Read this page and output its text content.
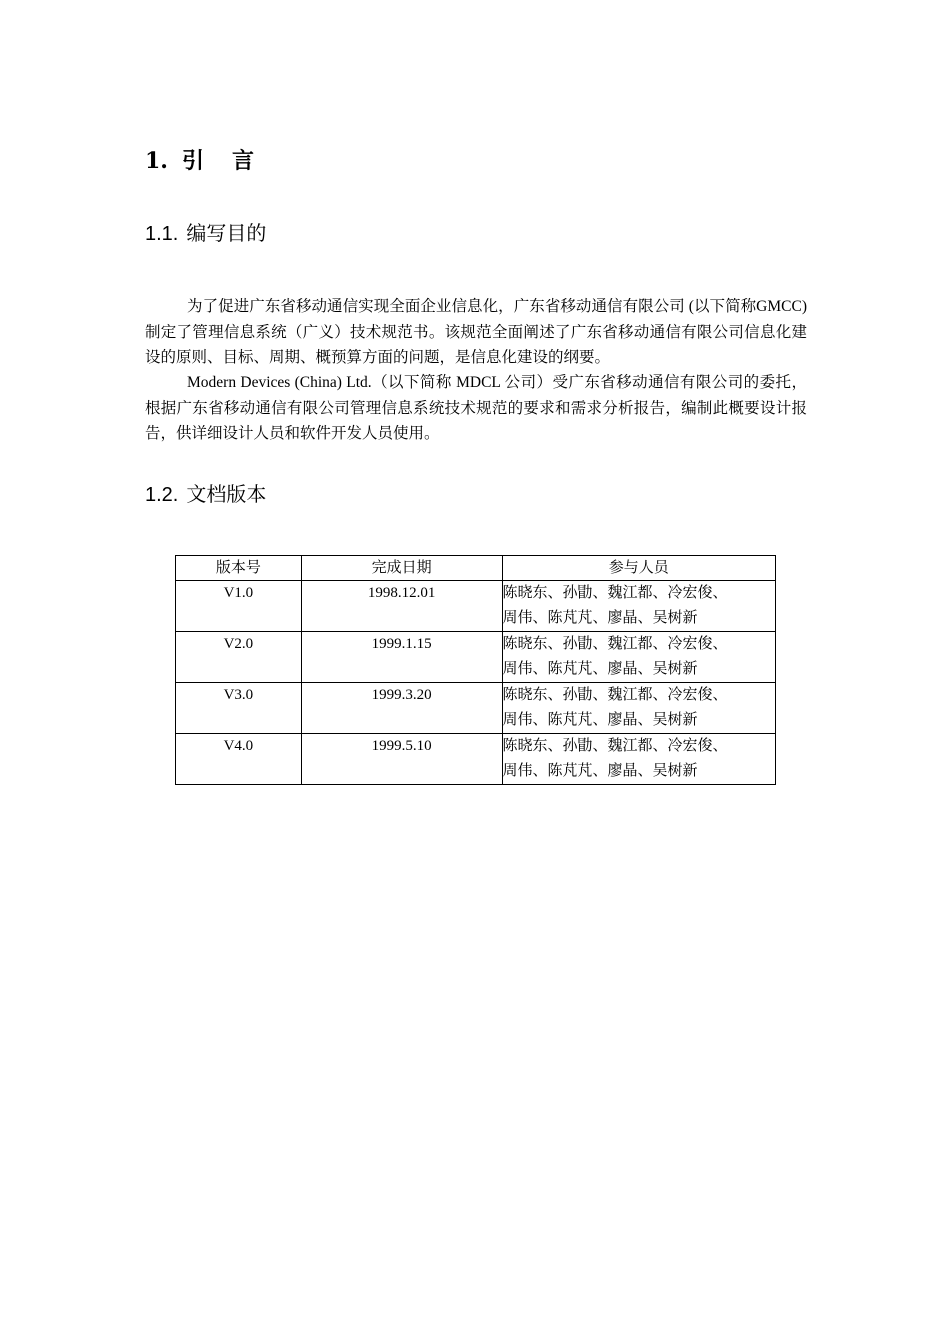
1. 引言
1.1. 编写目的
为了促进广东省移动通信实现全面企业信息化，广东省移动通信有限公司 (以下简称GMCC)制定了管理信息系统（广义）技术规范书。该规范全面阐述了广东省移动通信有限公司信息化建设的原则、目标、周期、概预算方面的问题，是信息化建设的纲要。
Modern Devices (China) Ltd.（以下简称 MDCL 公司）受广东省移动通信有限公司的委托，根据广东省移动通信有限公司管理信息系统技术规范的要求和需求分析报告，编制此概要设计报告，供详细设计人员和软件开发人员使用。
1.2. 文档版本
版本号	完成日期	参与人员
V1.0	1998.12.01	陈晓东、孙勖、魏江都、冷宏俊、
周伟、陈芃芃、廖晶、吴树新
V2.0	1999.1.15	陈晓东、孙勖、魏江都、冷宏俊、
周伟、陈芃芃、廖晶、吴树新
V3.0	1999.3.20	陈晓东、孙勖、魏江都、冷宏俊、
周伟、陈芃芃、廖晶、吴树新
V4.0	1999.5.10	陈晓东、孙勖、魏江都、冷宏俊、
周伟、陈芃芃、廖晶、吴树新
